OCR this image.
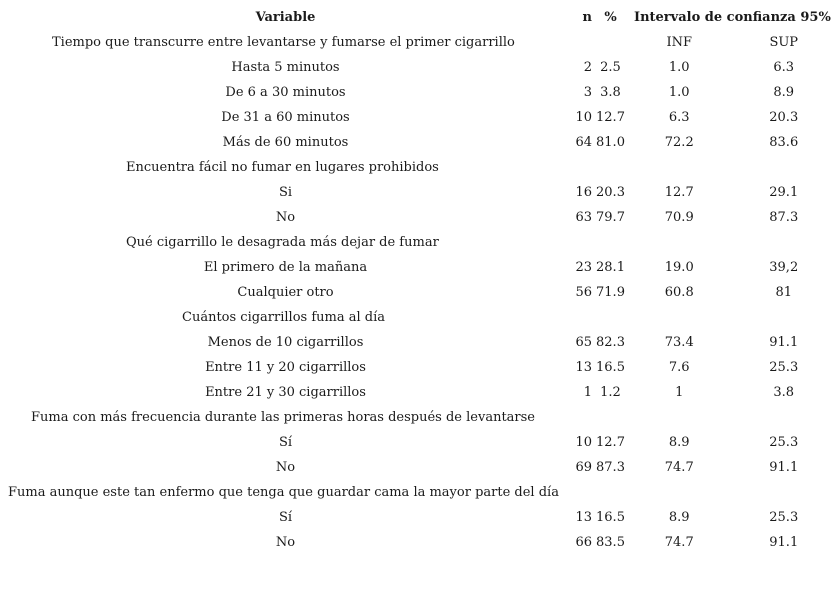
Variable	n	%	Intervalo de confianza 95%	
Tiempo que transcurre entre levantarse y fumarse el primer cigarrillo			INF	SUP
Hasta 5 minutos	2	2.5	1.0	6.3
De 6 a 30 minutos	3	3.8	1.0	8.9
De 31 a 60 minutos	10	12.7	6.3	20.3
Más de 60 minutos	64	81.0	72.2	83.6
Encuentra fácil no fumar en lugares prohibidos				
Si	16	20.3	12.7	29.1
No	63	79.7	70.9	87.3
Qué cigarrillo le desagrada más dejar de fumar				
El primero de la mañana	23	28.1	19.0	39,2
Cualquier otro	56	71.9	60.8	81
Cuántos cigarrillos fuma al día				
Menos de 10 cigarrillos	65	82.3	73.4	91.1
Entre 11 y 20 cigarrillos	13	16.5	7.6	25.3
Entre 21 y 30 cigarrillos	1	1.2	1	3.8
Fuma con más frecuencia durante las primeras horas después de levantarse				
Sí	10	12.7	8.9	25.3
No	69	87.3	74.7	91.1
Fuma aunque este tan enfermo que tenga que guardar cama la mayor parte del día				
Sí	13	16.5	8.9	25.3
No	66	83.5	74.7	91.1
